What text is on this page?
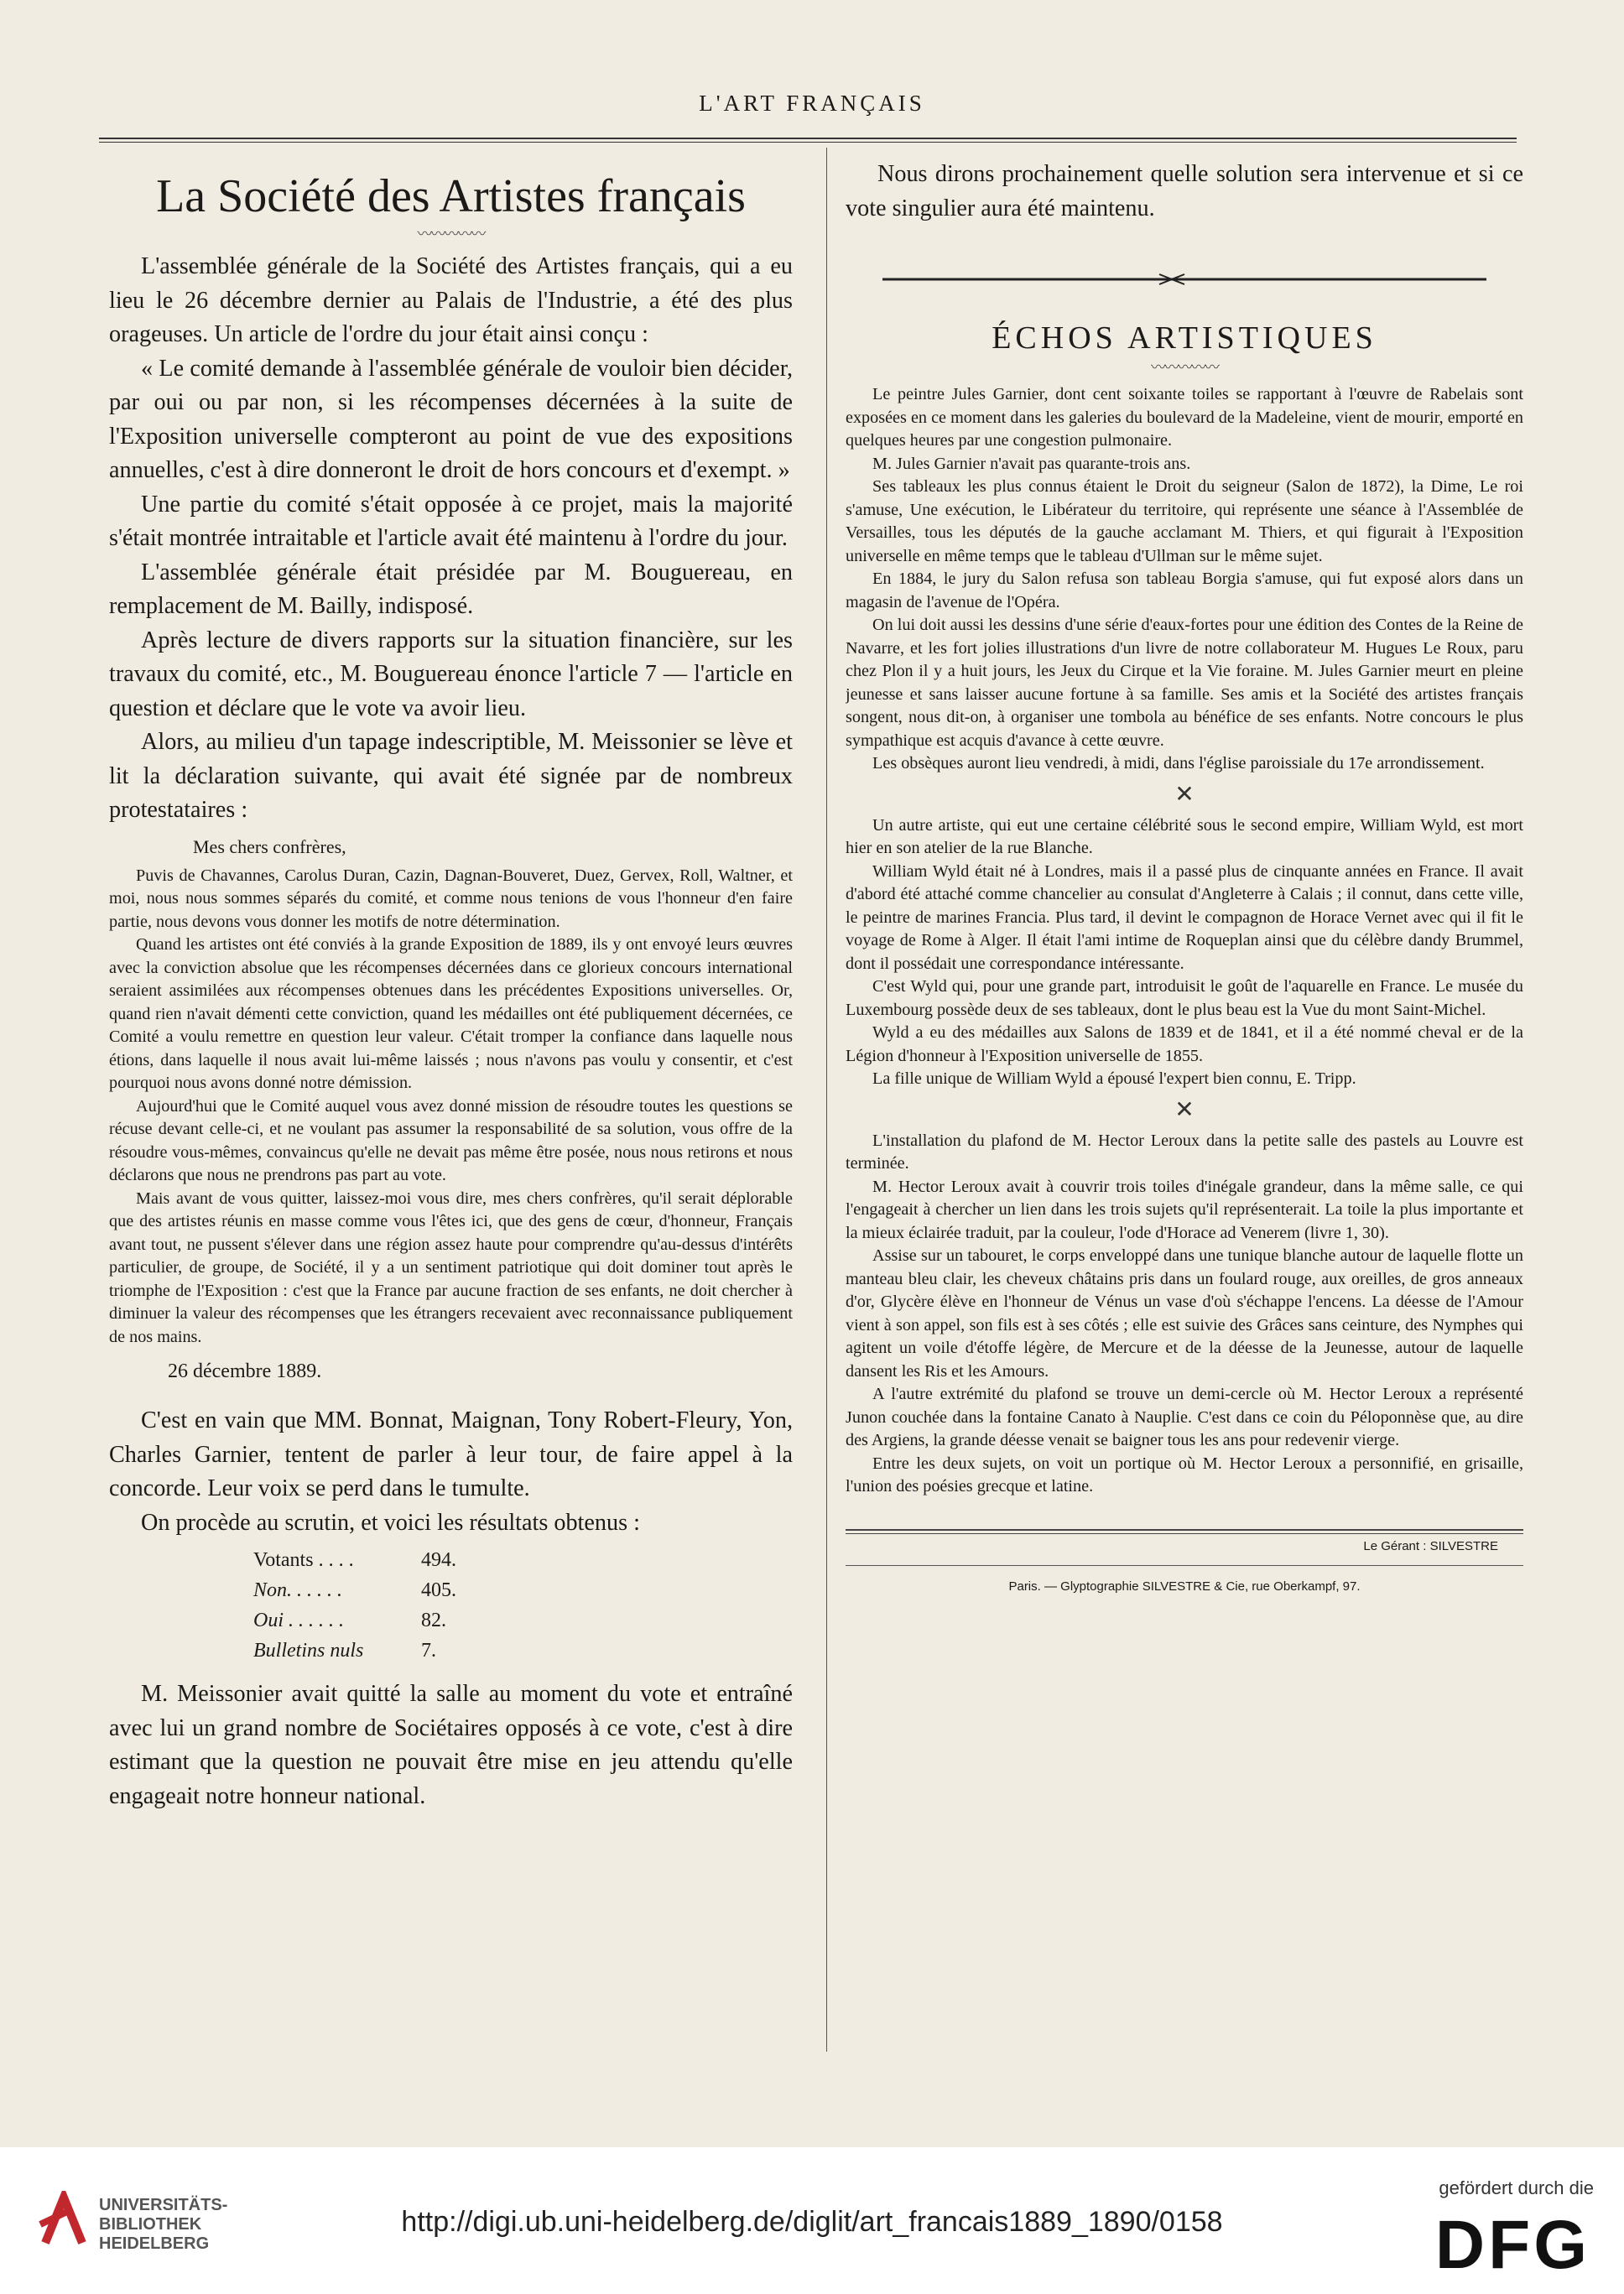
L'ART FRANÇAIS
La Société des Artistes français
〰〰〰〰〰

L'assemblée générale de la Société des Artistes français, qui a eu lieu le 26 décembre dernier au Palais de l'Industrie, a été des plus orageuses. Un article de l'ordre du jour était ainsi conçu :

« Le comité demande à l'assemblée générale de vouloir bien décider, par oui ou par non, si les récompenses décernées à la suite de l'Exposition universelle compteront au point de vue des expositions annuelles, c'est à dire donneront le droit de hors concours et d'exempt. »

Une partie du comité s'était opposée à ce projet, mais la majorité s'était montrée intraitable et l'article avait été maintenu à l'ordre du jour.

L'assemblée générale était présidée par M. Bouguereau, en remplacement de M. Bailly, indisposé.

Après lecture de divers rapports sur la situation financière, sur les travaux du comité, etc., M. Bouguereau énonce l'article 7 — l'article en question et déclare que le vote va avoir lieu.

Alors, au milieu d'un tapage indescriptible, M. Meissonier se lève et lit la déclaration suivante, qui avait été signée par de nombreux protestataires :

Mes chers confrères,

Puvis de Chavannes, Carolus Duran, Cazin, Dagnan-Bouveret, Duez, Gervex, Roll, Waltner, et moi, nous nous sommes séparés du comité, et comme nous tenions de vous l'honneur d'en faire partie, nous devons vous donner les motifs de notre détermination.

Quand les artistes ont été conviés à la grande Exposition de 1889, ils y ont envoyé leurs œuvres avec la conviction absolue que les récompenses décernées dans ce glorieux concours international seraient assimilées aux récompenses obtenues dans les précédentes Expositions universelles. Or, quand rien n'avait démenti cette conviction, quand les médailles ont été publiquement décernées, ce Comité a voulu remettre en question leur valeur. C'était tromper la confiance dans laquelle nous étions, dans laquelle il nous avait lui-même laissés ; nous n'avons pas voulu y consentir, et c'est pourquoi nous avons donné notre démission.

Aujourd'hui que le Comité auquel vous avez donné mission de résoudre toutes les questions se récuse devant celle-ci, et ne voulant pas assumer la responsabilité de sa solution, vous offre de la résoudre vous-mêmes, convaincus qu'elle ne devait pas même être posée, nous nous retirons et nous déclarons que nous ne prendrons pas part au vote.

Mais avant de vous quitter, laissez-moi vous dire, mes chers confrères, qu'il serait déplorable que des artistes réunis en masse comme vous l'êtes ici, que des gens de cœur, d'honneur, Français avant tout, ne pussent s'élever dans une région assez haute pour comprendre qu'au-dessus d'intérêts particulier, de groupe, de Société, il y a un sentiment patriotique qui doit dominer tout après le triomphe de l'Exposition : c'est que la France par aucune fraction de ses enfants, ne doit chercher à diminuer la valeur des récompenses que les étrangers recevaient avec reconnaissance publiquement de nos mains.

26 décembre 1889.

C'est en vain que MM. Bonnat, Maignan, Tony Robert-Fleury, Yon, Charles Garnier, tentent de parler à leur tour, de faire appel à la concorde. Leur voix se perd dans le tumulte.

On procède au scrutin, et voici les résultats obtenus :

Votants . . . .	494.
Non. . . . . .	405.
Oui . . . . . .	82.
Bulletins nuls	7.

M. Meissonier avait quitté la salle au moment du vote et entraîné avec lui un grand nombre de Sociétaires opposés à ce vote, c'est à dire estimant que la question ne pouvait être mise en jeu attendu qu'elle engageait notre honneur national.

Nous dirons prochainement quelle solution sera intervenue et si ce vote singulier aura été maintenu.

ÉCHOS ARTISTIQUES
〰〰〰〰〰

Le peintre Jules Garnier, dont cent soixante toiles se rapportant à l'œuvre de Rabelais sont exposées en ce moment dans les galeries du boulevard de la Madeleine, vient de mourir, emporté en quelques heures par une congestion pulmonaire.

M. Jules Garnier n'avait pas quarante-trois ans.

Ses tableaux les plus connus étaient le Droit du seigneur (Salon de 1872), la Dime, Le roi s'amuse, Une exécution, le Libérateur du territoire, qui représente une séance à l'Assemblée de Versailles, tous les députés de la gauche acclamant M. Thiers, et qui figurait à l'Exposition universelle en même temps que le tableau d'Ullman sur le même sujet.

En 1884, le jury du Salon refusa son tableau Borgia s'amuse, qui fut exposé alors dans un magasin de l'avenue de l'Opéra.

On lui doit aussi les dessins d'une série d'eaux-fortes pour une édition des Contes de la Reine de Navarre, et les fort jolies illustrations d'un livre de notre collaborateur M. Hugues Le Roux, paru chez Plon il y a huit jours, les Jeux du Cirque et la Vie foraine. M. Jules Garnier meurt en pleine jeunesse et sans laisser aucune fortune à sa famille. Ses amis et la Société des artistes français songent, nous dit-on, à organiser une tombola au bénéfice de ses enfants. Notre concours le plus sympathique est acquis d'avance à cette œuvre.

Les obsèques auront lieu vendredi, à midi, dans l'église paroissiale du 17e arrondissement.

✕

Un autre artiste, qui eut une certaine célébrité sous le second empire, William Wyld, est mort hier en son atelier de la rue Blanche.

William Wyld était né à Londres, mais il a passé plus de cinquante années en France. Il avait d'abord été attaché comme chancelier au consulat d'Angleterre à Calais ; il connut, dans cette ville, le peintre de marines Francia. Plus tard, il devint le compagnon de Horace Vernet avec qui il fit le voyage de Rome à Alger. Il était l'ami intime de Roqueplan ainsi que du célèbre dandy Brummel, dont il possédait une correspondance intéressante.

C'est Wyld qui, pour une grande part, introduisit le goût de l'aquarelle en France. Le musée du Luxembourg possède deux de ses tableaux, dont le plus beau est la Vue du mont Saint-Michel.

Wyld a eu des médailles aux Salons de 1839 et de 1841, et il a été nommé cheval er de la Légion d'honneur à l'Exposition universelle de 1855.

La fille unique de William Wyld a épousé l'expert bien connu, E. Tripp.

✕

L'installation du plafond de M. Hector Leroux dans la petite salle des pastels au Louvre est terminée.

M. Hector Leroux avait à couvrir trois toiles d'inégale grandeur, dans la même salle, ce qui l'engageait à chercher un lien dans les trois sujets qu'il représenterait. La toile la plus importante et la mieux éclairée traduit, par la couleur, l'ode d'Horace ad Venerem (livre 1, 30).

Assise sur un tabouret, le corps enveloppé dans une tunique blanche autour de laquelle flotte un manteau bleu clair, les cheveux châtains pris dans un foulard rouge, aux oreilles, de gros anneaux d'or, Glycère élève en l'honneur de Vénus un vase d'où s'échappe l'encens. La déesse de l'Amour vient à son appel, son fils est à ses côtés ; elle est suivie des Grâces sans ceinture, des Nymphes qui agitent un voile d'étoffe légère, de Mercure et de la déesse de la Jeunesse, autour de laquelle dansent les Ris et les Amours.

A l'autre extrémité du plafond se trouve un demi-cercle où M. Hector Leroux a représenté Junon couchée dans la fontaine Canato à Nauplie. C'est dans ce coin du Péloponnèse que, au dire des Argiens, la grande déesse venait se baigner tous les ans pour redevenir vierge.

Entre les deux sujets, on voit un portique où M. Hector Leroux a personnifié, en grisaille, l'union des poésies grecque et latine.

Le Gérant : SILVESTRE
Paris. — Glyptographie SILVESTRE & Cie, rue Oberkampf, 97.
UNIVERSITÄTS-
BIBLIOTHEK
HEIDELBERG
http://digi.ub.uni-heidelberg.de/diglit/art_francais1889_1890/0158
gefördert durch die
DFG
